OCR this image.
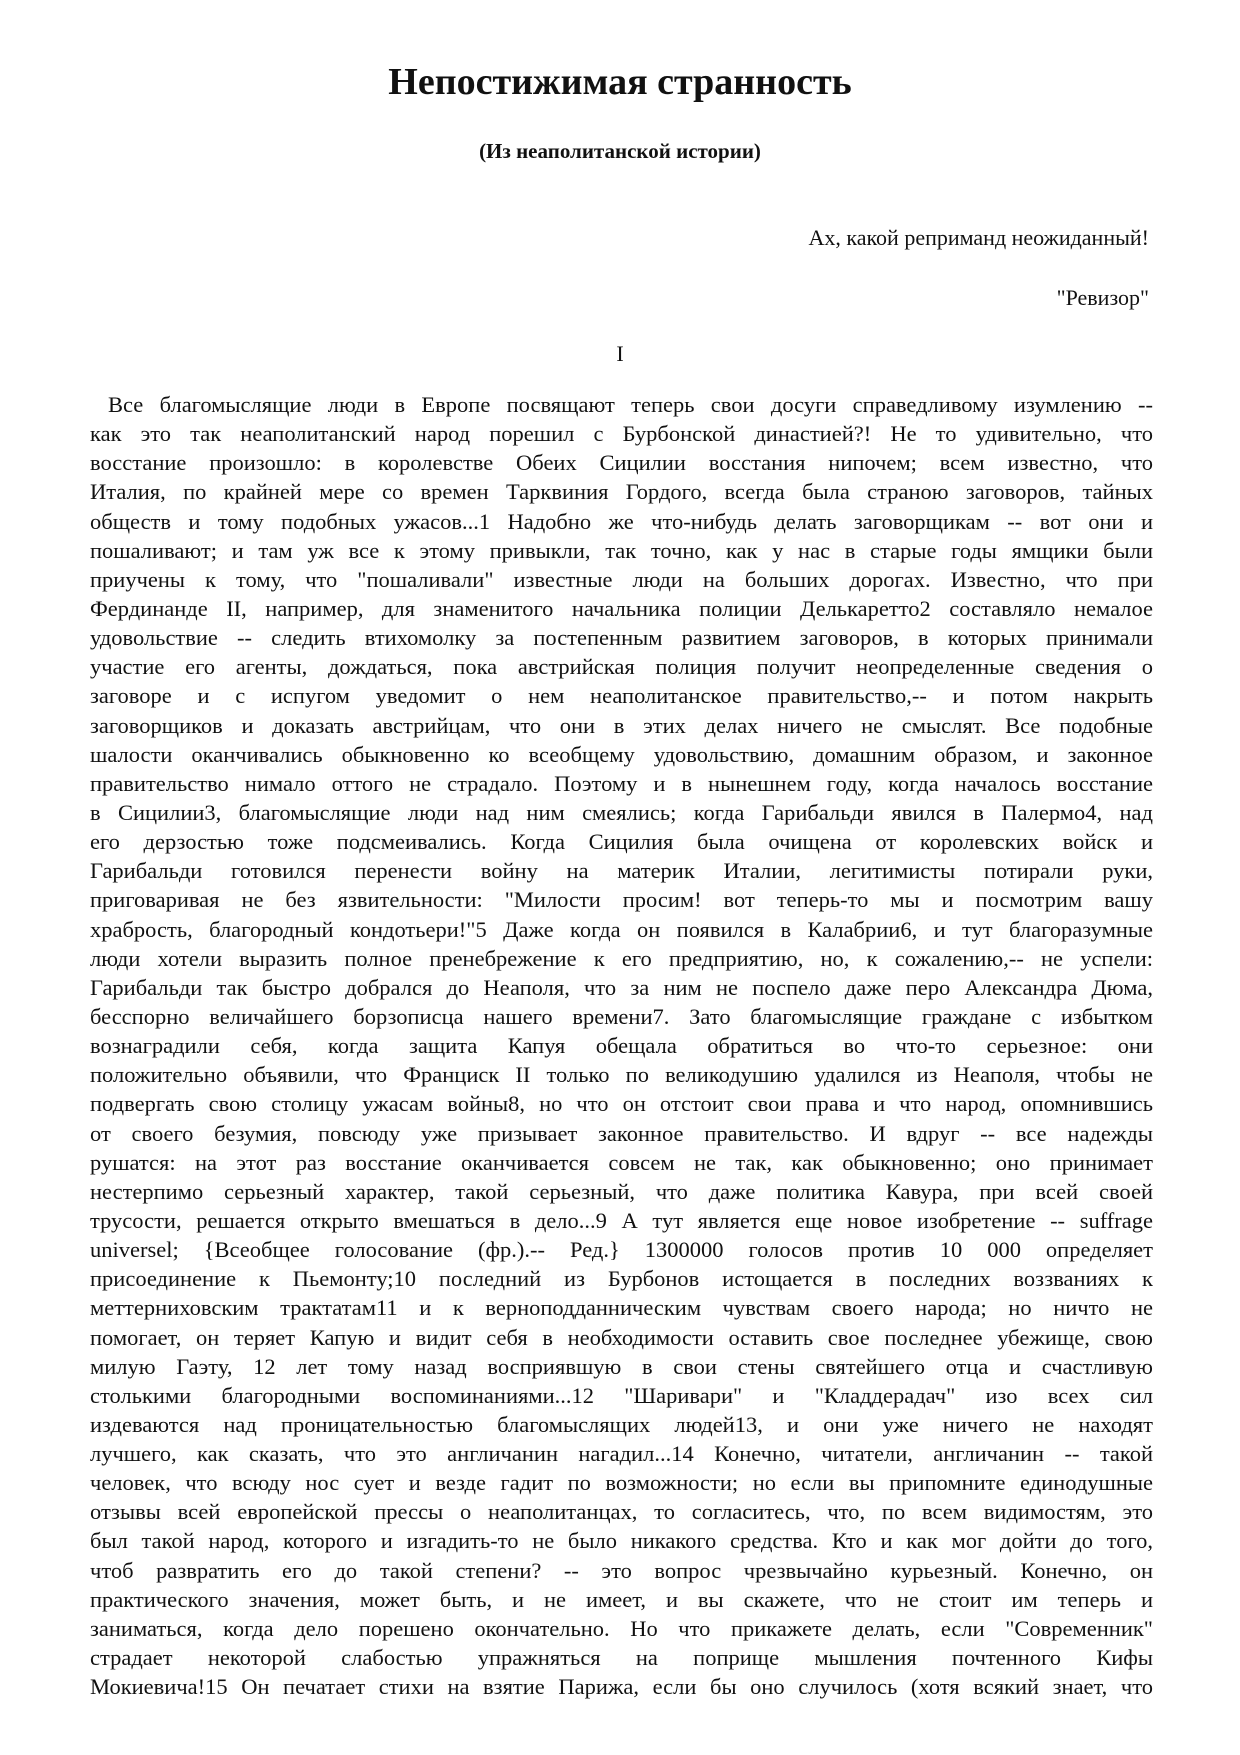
Непостижимая странность
(Из неаполитанской истории)

Ах, какой реприманд неожиданный!

"Ревизор"

I

Все благомыслящие люди в Европе посвящают теперь свои досуги справедливому изумлению --
как это так неаполитанский народ порешил с Бурбонской династией?! Не то удивительно, что
восстание произошло: в королевстве Обеих Сицилии восстания нипочем; всем известно, что
Италия, по крайней мере со времен Тарквиния Гордого, всегда была страною заговоров, тайных
обществ и тому подобных ужасов...1 Надобно же что-нибудь делать заговорщикам -- вот они и
пошаливают; и там уж все к этому привыкли, так точно, как у нас в старые годы ямщики были
приучены к тому, что "пошаливали" известные люди на больших дорогах. Известно, что при
Фердинанде II, например, для знаменитого начальника полиции Делькаретто2 составляло немалое
удовольствие -- следить втихомолку за постепенным развитием заговоров, в которых принимали
участие его агенты, дождаться, пока австрийская полиция получит неопределенные сведения о
заговоре и с испугом уведомит о нем неаполитанское правительство,-- и потом накрыть
заговорщиков и доказать австрийцам, что они в этих делах ничего не смыслят. Все подобные
шалости оканчивались обыкновенно ко всеобщему удовольствию, домашним образом, и законное
правительство нимало оттого не страдало. Поэтому и в нынешнем году, когда началось восстание
в Сицилии3, благомыслящие люди над ним смеялись; когда Гарибальди явился в Палермо4, над
его дерзостью тоже подсмеивались. Когда Сицилия была очищена от королевских войск и
Гарибальди готовился перенести войну на материк Италии, легитимисты потирали руки,
приговаривая не без язвительности: "Милости просим! вот теперь-то мы и посмотрим вашу
храбрость, благородный кондотьери!"5 Даже когда он появился в Калабрии6, и тут благоразумные
люди хотели выразить полное пренебрежение к его предприятию, но, к сожалению,-- не успели:
Гарибальди так быстро добрался до Неаполя, что за ним не поспело даже перо Александра Дюма,
бесспорно величайшего борзописца нашего времени7. Зато благомыслящие граждане с избытком
вознаградили себя, когда защита Капуя обещала обратиться во что-то серьезное: они
положительно объявили, что Франциск II только по великодушию удалился из Неаполя, чтобы не
подвергать свою столицу ужасам войны8, но что он отстоит свои права и что народ, опомнившись
от своего безумия, повсюду уже призывает законное правительство. И вдруг -- все надежды
рушатся: на этот раз восстание оканчивается совсем не так, как обыкновенно; оно принимает
нестерпимо серьезный характер, такой серьезный, что даже политика Кавура, при всей своей
трусости, решается открыто вмешаться в дело...9 А тут является еще новое изобретение -- suffrage
universel; {Всеобщее голосование (фр.).-- Ред.} 1300000 голосов против 10 000 определяет
присоединение к Пьемонту;10 последний из Бурбонов истощается в последних воззваниях к
меттерниховским трактатам11 и к верноподданническим чувствам своего народа; но ничто не
помогает, он теряет Капую и видит себя в необходимости оставить свое последнее убежище, свою
милую Гаэту, 12 лет тому назад восприявшую в свои стены святейшего отца и счастливую
столькими благородными воспоминаниями...12 "Шаривари" и "Кладдерадач" изо всех сил
издеваются над проницательностью благомыслящих людей13, и они уже ничего не находят
лучшего, как сказать, что это англичанин нагадил...14 Конечно, читатели, англичанин -- такой
человек, что всюду нос сует и везде гадит по возможности; но если вы припомните единодушные
отзывы всей европейской прессы о неаполитанцах, то согласитесь, что, по всем видимостям, это
был такой народ, которого и изгадить-то не было никакого средства. Кто и как мог дойти до того,
чтоб развратить его до такой степени? -- это вопрос чрезвычайно курьезный. Конечно, он
практического значения, может быть, и не имеет, и вы скажете, что не стоит им теперь и
заниматься, когда дело порешено окончательно. Но что прикажете делать, если "Современник"
страдает некоторой слабостью упражняться на поприще мышления почтенного Кифы
Мокиевича!15 Он печатает стихи на взятие Парижа, если бы оно случилось (хотя всякий знает, что
